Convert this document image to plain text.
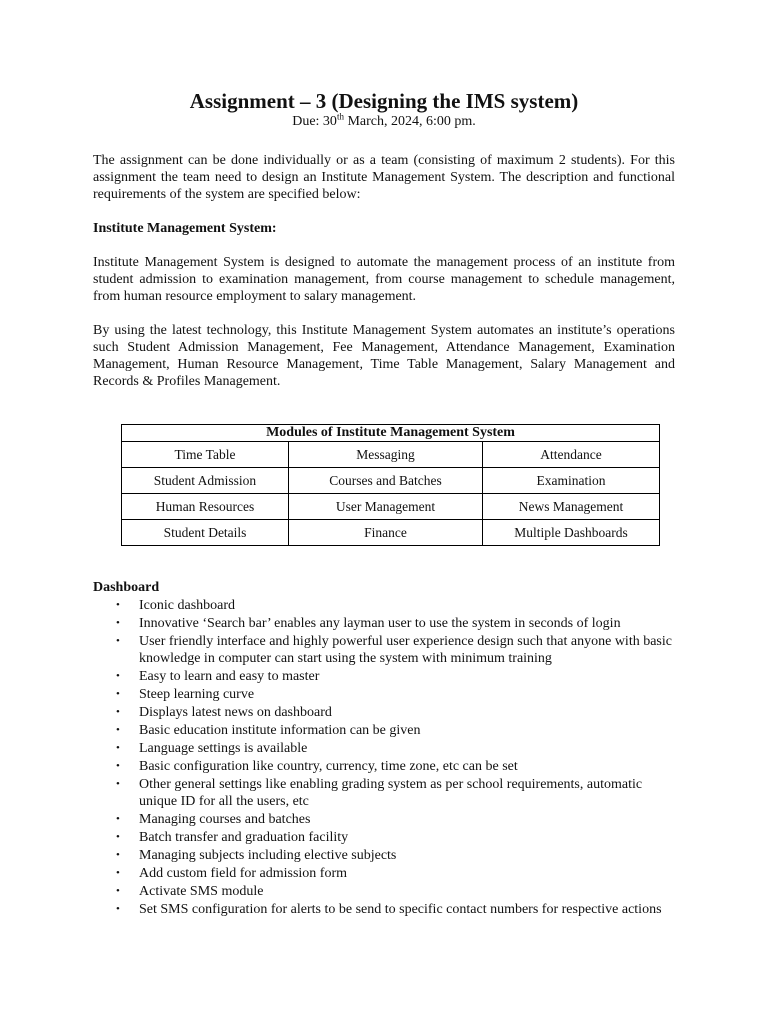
Assignment – 3 (Designing the IMS system)
Due: 30th March, 2024, 6:00 pm.

The assignment can be done individually or as a team (consisting of maximum 2 students). For this assignment the team need to design an Institute Management System. The description and functional requirements of the system are specified below:

Institute Management System:

Institute Management System is designed to automate the management process of an institute from student admission to examination management, from course management to schedule management, from human resource employment to salary management.

By using the latest technology, this Institute Management System automates an institute’s operations such Student Admission Management, Fee Management, Attendance Management, Examination Management, Human Resource Management, Time Table Management, Salary Management and Records & Profiles Management.

Modules of Institute Management System		
Time Table	Messaging	Attendance
Student Admission	Courses and Batches	Examination
Human Resources	User Management	News Management
Student Details	Finance	Multiple Dashboards
Dashboard
• Iconic dashboard
• Innovative ‘Search bar’ enables any layman user to use the system in seconds of login
• User friendly interface and highly powerful user experience design such that anyone with basic knowledge in computer can start using the system with minimum training
• Easy to learn and easy to master
• Steep learning curve
• Displays latest news on dashboard
• Basic education institute information can be given
• Language settings is available
• Basic configuration like country, currency, time zone, etc can be set
• Other general settings like enabling grading system as per school requirements, automatic unique ID for all the users, etc
• Managing courses and batches
• Batch transfer and graduation facility
• Managing subjects including elective subjects
• Add custom field for admission form
• Activate SMS module
• Set SMS configuration for alerts to be send to specific contact numbers for respective actions
